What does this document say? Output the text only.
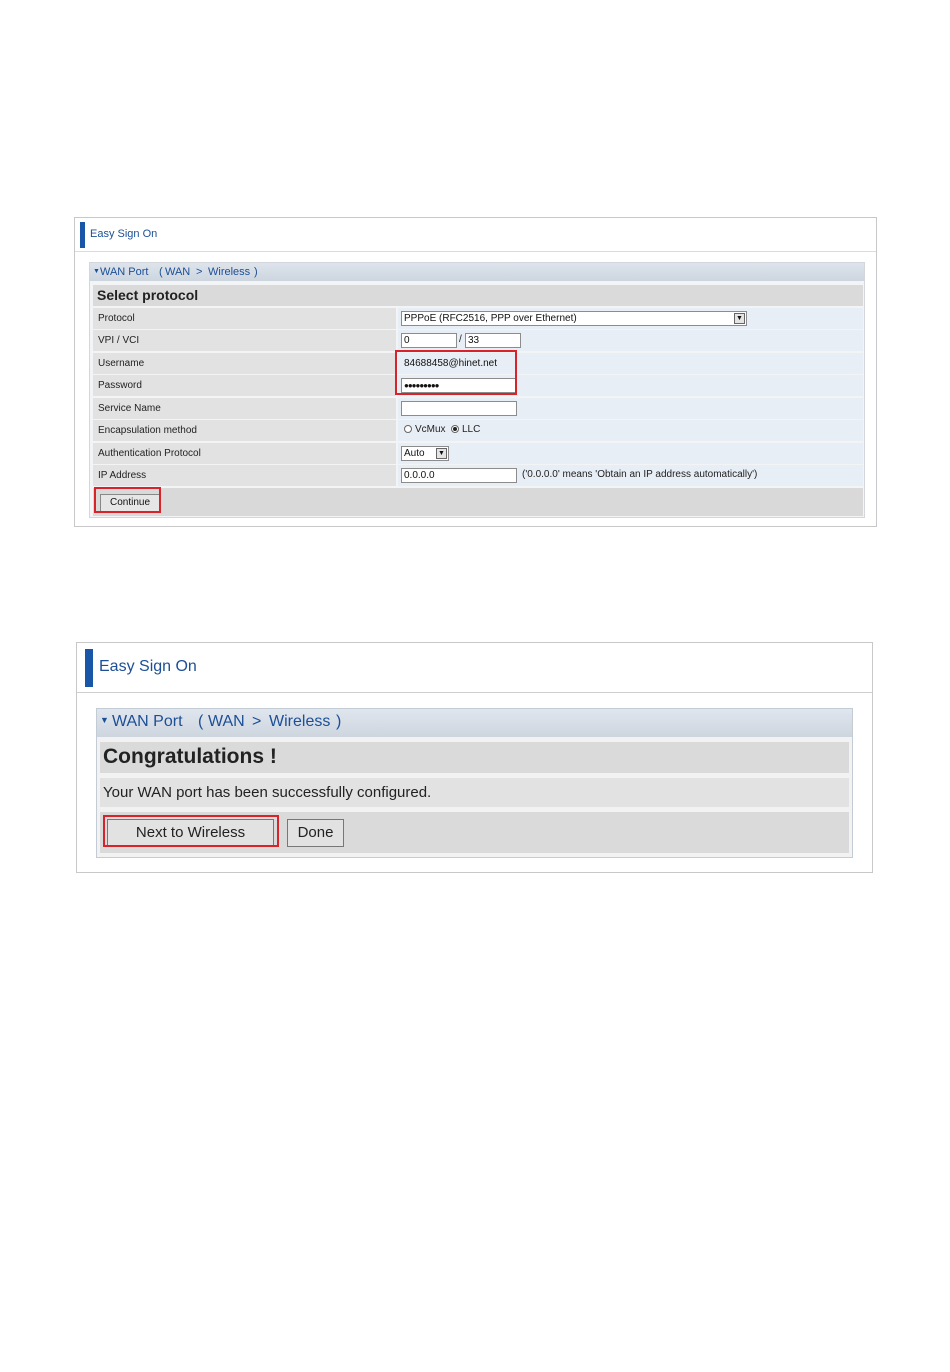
Easy Sign On
▼ WAN Port ( WAN > Wireless )
Select protocol
Protocol	PPPoE (RFC2516, PPP over Ethernet)	▼
VPI / VCI	0	/ 33
Username	84688458@hinet.net
Password	●●●●●●●●●
Service Name
Encapsulation method	VcMux LLC
Authentication Protocol	Auto ▼
IP Address	0.0.0.0	('0.0.0.0' means 'Obtain an IP address automatically')
Continue
Easy Sign On
▼ WAN Port ( WAN > Wireless )
Congratulations !
Your WAN port has been successfully configured.
Next to Wireless	Done
